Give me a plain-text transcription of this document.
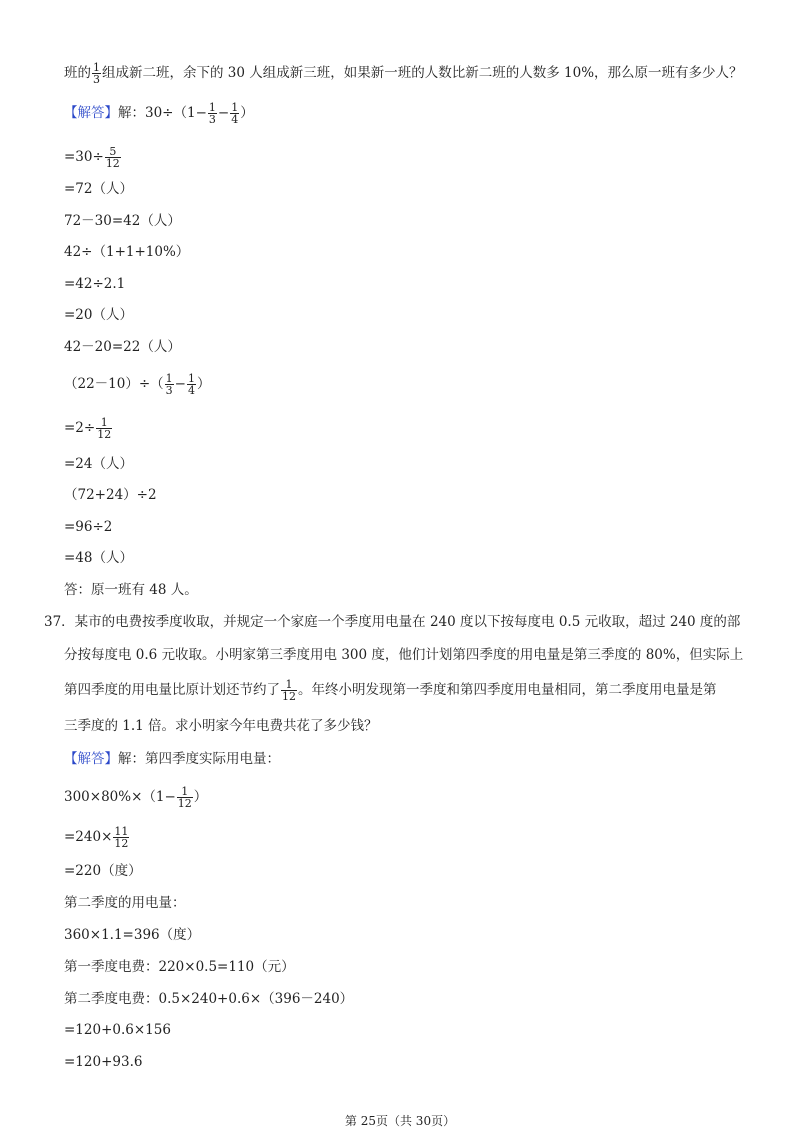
班的 $\frac{1}{3}$ 组成新二班，余下的 30 人组成新三班，如果新一班的人数比新二班的人数多 10%，那么原一班有多少人？
【解答】解：$30\div(1- \frac{1}{3} - \frac{1}{4}$ ）
$=30\div \frac{5}{12}$
=72（人）
72－30=42（人）
42÷（1+1+10%）
=42÷2.1
=20（人）
42－20=22（人）
$(22-10)\div( \frac{1}{3} - \frac{1}{4}$ ）
$=2\div \frac{1}{12}$
=24（人）
（72+24）÷2
=96÷2
=48（人）
答：原一班有 48 人。
37．某市的电费按季度收取，并规定一个家庭一个季度用电量在 240 度以下按每度电 0.5 元收取，超过 240 度的部
分按每度电 0.6 元收取。小明家第三季度用电 300 度，他们计划第四季度的用电量是第三季度的 80%，但实际上
第四季度的用电量比原计划还节约了 $\frac{1}{12}$ 。年终小明发现第一季度和第四季度用电量相同，第二季度用电量是第
三季度的 1.1 倍。求小明家今年电费共花了多少钱？
【解答】解：第四季度实际用电量：
$300\times 80\%\times(1- \frac{1}{12}$ ）
$=240\times \frac{11}{12}$
=220（度）
第二季度的用电量：
360×1.1=396（度）
第一季度电费：220×0.5=110（元）
第二季度电费：0.5×240+0.6×（396－240）
=120+0.6×156
=120+93.6
第 25页（共 30页）
